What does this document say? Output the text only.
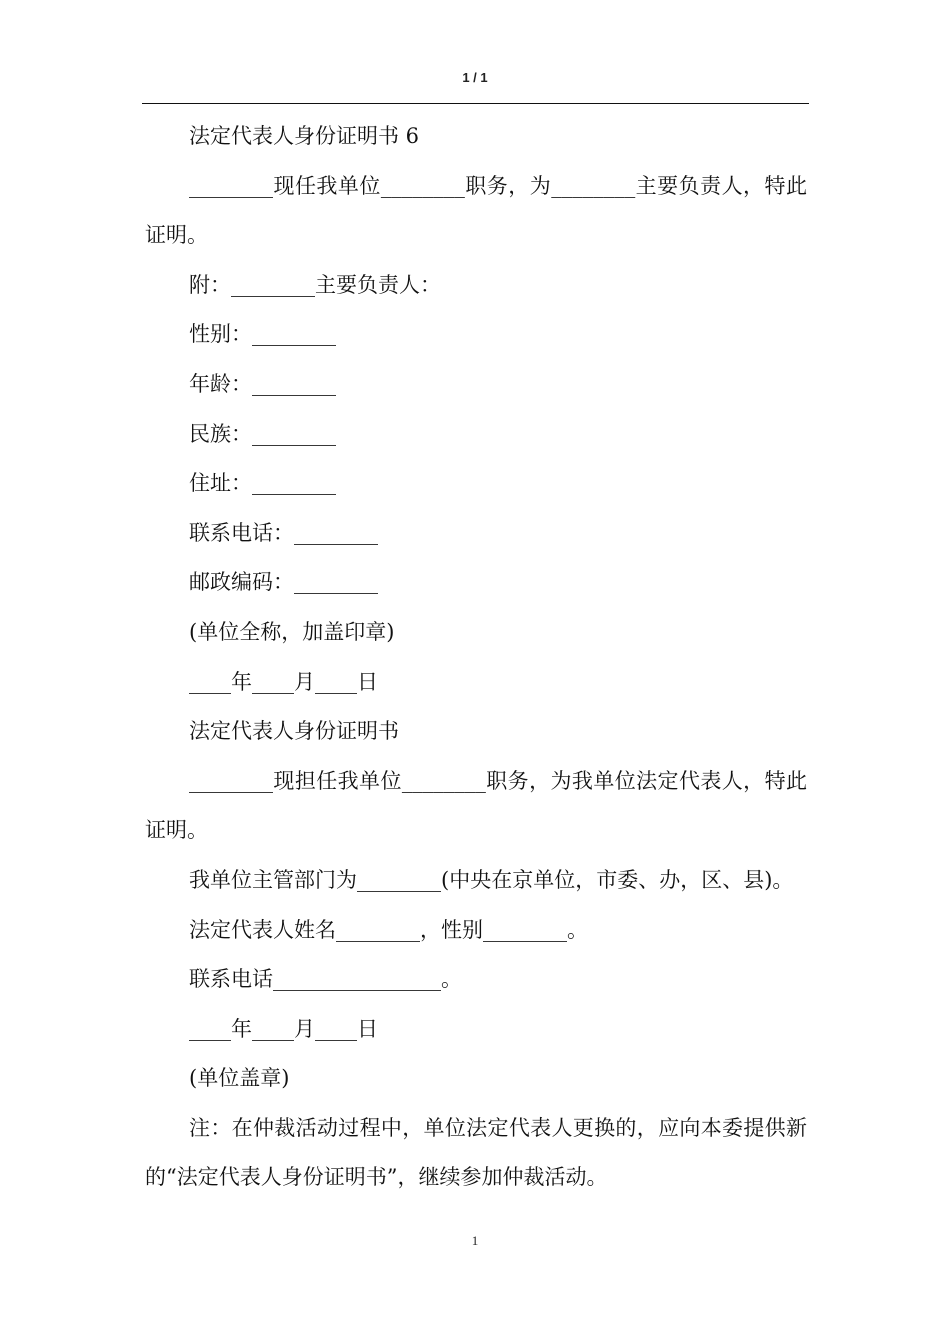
1 / 1

法定代表人身份证明书 6

________现任我单位________职务，为________主要负责人，特此证明。

附：________主要负责人：

性别：________

年龄：________

民族：________

住址：________

联系电话：________

邮政编码：________

(单位全称，加盖印章)

____年____月____日

法定代表人身份证明书

________现担任我单位________职务，为我单位法定代表人，特此证明。

我单位主管部门为________(中央在京单位，市委、办，区、县)。

法定代表人姓名________，性别________。

联系电话________________。

____年____月____日

(单位盖章)

注：在仲裁活动过程中，单位法定代表人更换的，应向本委提供新的“法定代表人身份证明书”，继续参加仲裁活动。

1
